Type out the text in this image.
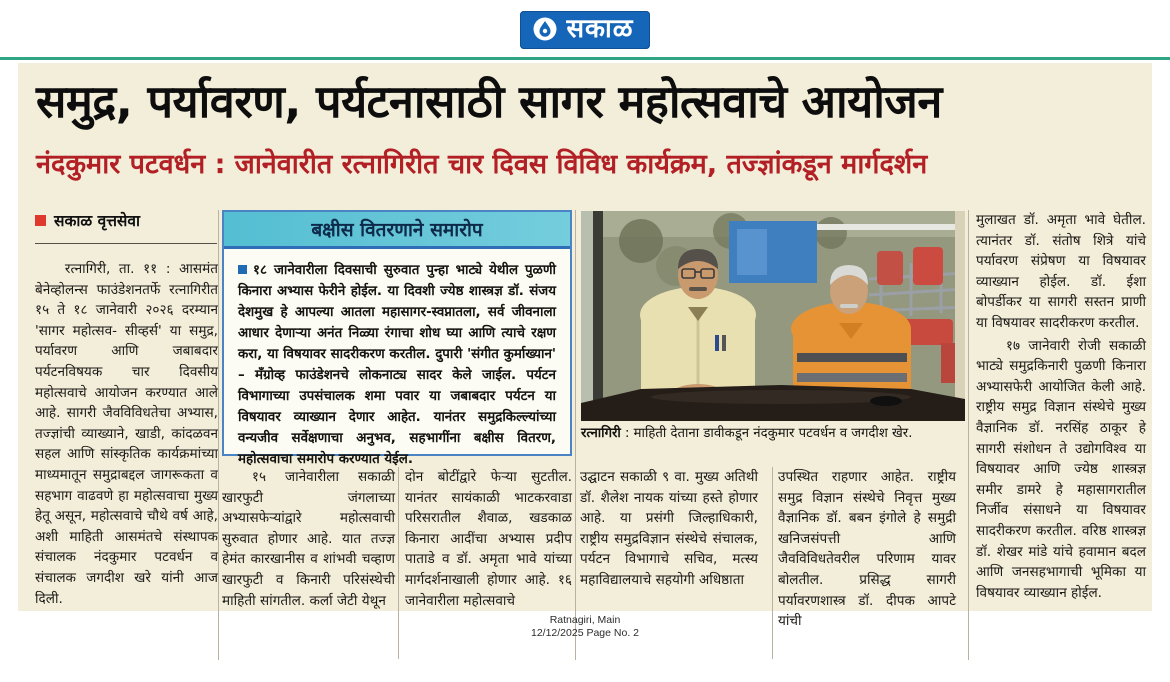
सकाळ
समुद्र, पर्यावरण, पर्यटनासाठी सागर महोत्सवाचे आयोजन
नंदकुमार पटवर्धन : जानेवारीत रत्नागिरीत चार दिवस विविध कार्यक्रम, तज्ज्ञांकडून मार्गदर्शन
सकाळ वृत्तसेवा

रत्नागिरी, ता. ११ : आसमंत बेनेव्होलन्स फाउंडेशनतर्फे रत्नागिरीत १५ ते १८ जानेवारी २०२६ दरम्यान 'सागर महोत्सव- सीव्हर्स' या समुद्र, पर्यावरण आणि जबाबदार पर्यटनविषयक चार दिवसीय महोत्सवाचे आयोजन करण्यात आले आहे. सागरी जैवविविधतेचा अभ्यास, तज्ज्ञांची व्याख्याने, खाडी, कांदळवन सहल आणि सांस्कृतिक कार्यक्रमांच्या माध्यमातून समुद्राबद्दल जागरूकता व सहभाग वाढवणे हा महोत्सवाचा मुख्य हेतू असून, महोत्सवाचे चौथे वर्ष आहे, अशी माहिती आसमंतचे संस्थापक संचालक नंदकुमार पटवर्धन व संचालक जगदीश खरे यांनी आज दिली.

बक्षीस वितरणाने समारोप
१८ जानेवारीला दिवसाची सुरुवात पुन्हा भाट्ये येथील पुळणी किनारा अभ्यास फेरीने होईल. या दिवशी ज्येष्ठ शास्त्रज्ञ डॉ. संजय देशमुख हे आपल्या आतला महासागर-स्वप्नातला, सर्व जीवनाला आधार देणाऱ्या अनंत निळ्या रंगाचा शोध घ्या आणि त्याचे रक्षण करा, या विषयावर सादरीकरण करतील. दुपारी 'संगीत कुर्माख्यान' – मँग्रोव्ह फाउंडेशनचे लोकनाट्य सादर केले जाईल. पर्यटन विभागाच्या उपसंचालक शमा पवार या जबाबदार पर्यटन या विषयावर व्याख्यान देणार आहेत. यानंतर समुद्रकिल्ल्यांच्या वन्यजीव सर्वेक्षणाचा अनुभव, सहभागींना बक्षीस वितरण, महोत्सवाचा समारोप करण्यात येईल.

१५ जानेवारीला सकाळी खारफुटी जंगलाच्या अभ्यासफेऱ्यांद्वारे महोत्सवाची सुरुवात होणार आहे. यात तज्ज्ञ हेमंत कारखानीस व शांभवी चव्हाण खारफुटी व किनारी परिसंस्थेची माहिती सांगतील. कर्ला जेटी येथून

दोन बोटींद्वारे फेऱ्या सुटतील. यानंतर सायंकाळी भाटकरवाडा परिसरातील शैवाळ, खडकाळ किनारा आदींचा अभ्यास प्रदीप पाताडे व डॉ. अमृता भावे यांच्या मार्गदर्शनाखाली होणार आहे. १६ जानेवारीला महोत्सवाचे

रत्नागिरी : माहिती देताना डावीकडून नंदकुमार पटवर्धन व जगदीश खेर.

उद्घाटन सकाळी ९ वा. मुख्य अतिथी डॉ. शैलेश नायक यांच्या हस्ते होणार आहे. या प्रसंगी जिल्हाधिकारी, राष्ट्रीय समुद्रविज्ञान संस्थेचे संचालक, पर्यटन विभागाचे सचिव, मत्स्य महाविद्यालयाचे सहयोगी अधिष्ठाता

उपस्थित राहणार आहेत. राष्ट्रीय समुद्र विज्ञान संस्थेचे निवृत्त मुख्य वैज्ञानिक डॉ. बबन इंगोले हे समुद्री खनिजसंपत्ती आणि जैवविविधतेवरील परिणाम यावर बोलतील. प्रसिद्ध सागरी पर्यावरणशास्त्र डॉ. दीपक आपटे यांची

मुलाखत डॉ. अमृता भावे घेतील. त्यानंतर डॉ. संतोष शित्रे यांचे पर्यावरण संप्रेषण या विषयावर व्याख्यान होईल. डॉ. ईशा बोपर्डीकर या सागरी सस्तन प्राणी या विषयावर सादरीकरण करतील.

१७ जानेवारी रोजी सकाळी भाट्ये समुद्रकिनारी पुळणी किनारा अभ्यासफेरी आयोजित केली आहे. राष्ट्रीय समुद्र विज्ञान संस्थेचे मुख्य वैज्ञानिक डॉ. नरसिंह ठाकूर हे सागरी संशोधन ते उद्योगविश्व या विषयावर आणि ज्येष्ठ शास्त्रज्ञ समीर डामरे हे महासागरातील निर्जीव संसाधने या विषयावर सादरीकरण करतील. वरिष्ठ शास्त्रज्ञ डॉ. शेखर मांडे यांचे हवामान बदल आणि जनसहभागाची भूमिका या विषयावर व्याख्यान होईल.

Ratnagiri, Main
12/12/2025 Page No. 2
